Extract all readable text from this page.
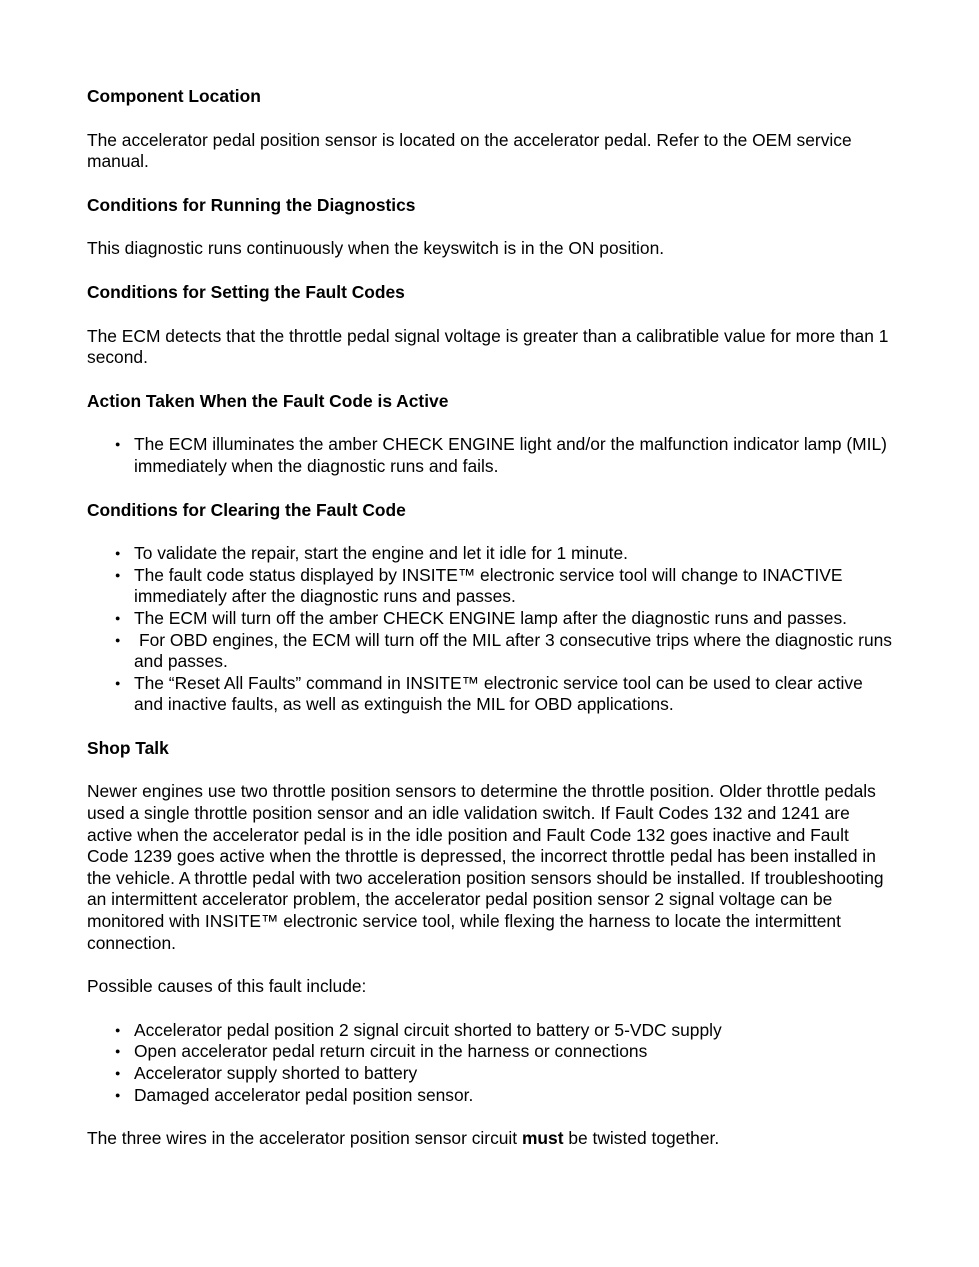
Component Location
The accelerator pedal position sensor is located on the accelerator pedal. Refer to the OEM service manual.
Conditions for Running the Diagnostics
This diagnostic runs continuously when the keyswitch is in the ON position.
Conditions for Setting the Fault Codes
The ECM detects that the throttle pedal signal voltage is greater than a calibratible value for more than 1 second.
Action Taken When the Fault Code is Active
● The ECM illuminates the amber CHECK ENGINE light and/or the malfunction indicator lamp (MIL) immediately when the diagnostic runs and fails.
Conditions for Clearing the Fault Code
● To validate the repair, start the engine and let it idle for 1 minute.
● The fault code status displayed by INSITE™ electronic service tool will change to INACTIVE immediately after the diagnostic runs and passes.
● The ECM will turn off the amber CHECK ENGINE lamp after the diagnostic runs and passes.
● For OBD engines, the ECM will turn off the MIL after 3 consecutive trips where the diagnostic runs and passes.
● The “Reset All Faults” command in INSITE™ electronic service tool can be used to clear active and inactive faults, as well as extinguish the MIL for OBD applications.
Shop Talk
Newer engines use two throttle position sensors to determine the throttle position. Older throttle pedals used a single throttle position sensor and an idle validation switch. If Fault Codes 132 and 1241 are active when the accelerator pedal is in the idle position and Fault Code 132 goes inactive and Fault Code 1239 goes active when the throttle is depressed, the incorrect throttle pedal has been installed in the vehicle. A throttle pedal with two acceleration position sensors should be installed. If troubleshooting an intermittent accelerator problem, the accelerator pedal position sensor 2 signal voltage can be monitored with INSITE™ electronic service tool, while flexing the harness to locate the intermittent connection.
Possible causes of this fault include:
● Accelerator pedal position 2 signal circuit shorted to battery or 5-VDC supply
● Open accelerator pedal return circuit in the harness or connections
● Accelerator supply shorted to battery
● Damaged accelerator pedal position sensor.
The three wires in the accelerator position sensor circuit must be twisted together.
